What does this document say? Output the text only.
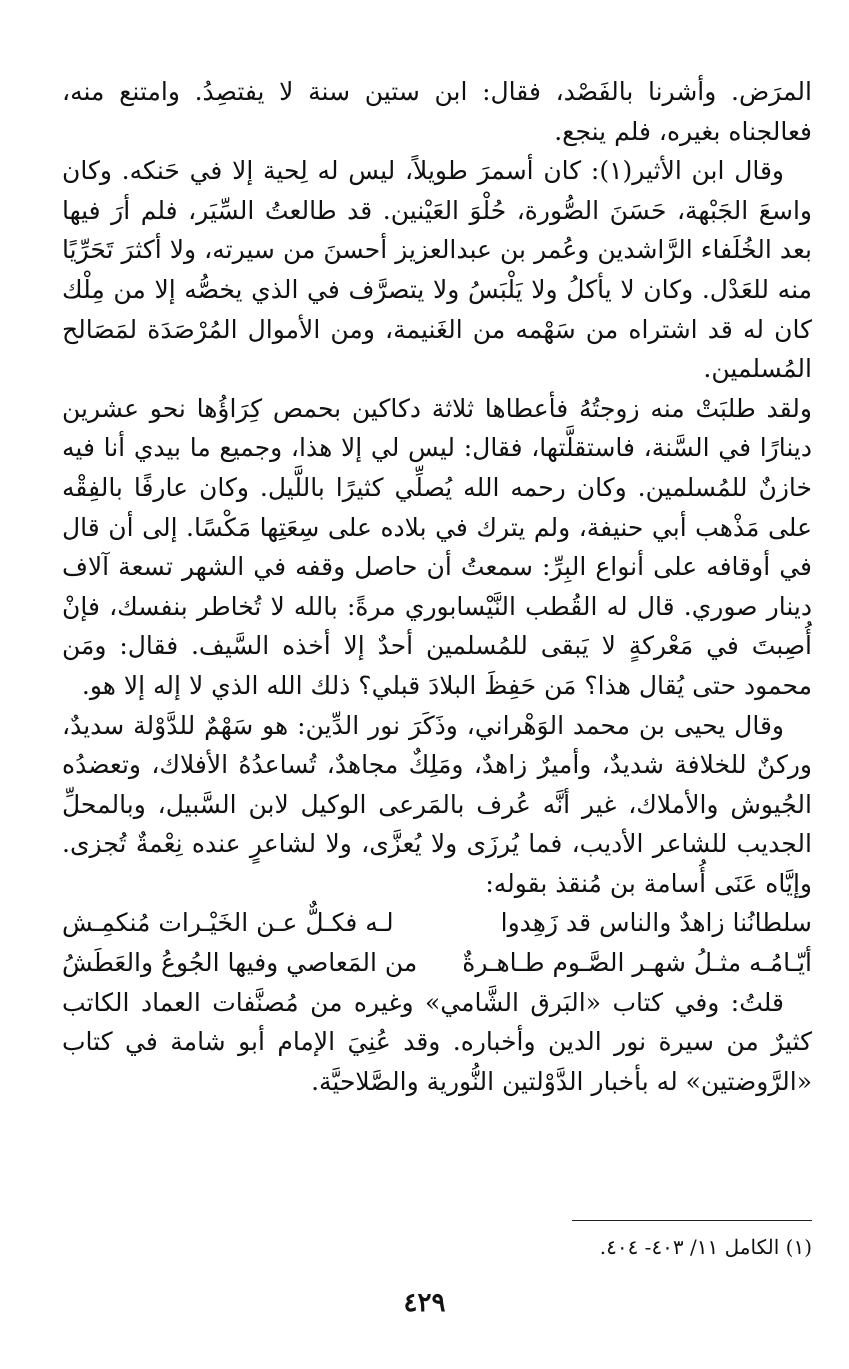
المرَض. وأشرنا بالفَصْد، فقال: ابن ستين سنة لا يفتصِدُ. وامتنع منه، فعالجناه بغيره، فلم ينجع.

وقال ابن الأثير(١): كان أسمرَ طويلاً، ليس له لِحية إلا في حَنكه. وكان واسعَ الجَبْهة، حَسَنَ الصُّورة، حُلْوَ العَيْنين. قد طالعتُ السِّيَر، فلم أرَ فيها بعد الخُلَفاء الرَّاشدين وعُمر بن عبدالعزيز أحسنَ من سيرته، ولا أكثرَ تَحَرِّيًا منه للعَدْل. وكان لا يأكلُ ولا يَلْبَسُ ولا يتصرَّف في الذي يخصُّه إلا من مِلْك كان له قد اشتراه من سَهْمه من الغَنيمة، ومن الأموال المُرْصَدَة لمَصَالح المُسلمين.

ولقد طلبَتْ منه زوجتُهُ فأعطاها ثلاثة دكاكين بحمص كِرَاؤُها نحو عشرين دينارًا في السَّنة، فاستقلَّتها، فقال: ليس لي إلا هذا، وجميع ما بيدي أنا فيه خازنٌ للمُسلمين. وكان رحمه الله يُصلِّي كثيرًا باللَّيل. وكان عارفًا بالفِقْه على مَذْهب أبي حنيفة، ولم يترك في بلاده على سِعَتِها مَكْسًا. إلى أن قال في أوقافه على أنواع البِرِّ: سمعتُ أن حاصل وقفه في الشهر تسعة آلاف دينار صوري. قال له القُطب النَّيْسابوري مرةً: بالله لا تُخاطر بنفسك، فإنْ أُصِبتَ في مَعْركةٍ لا يَبقى للمُسلمين أحدٌ إلا أخذه السَّيف. فقال: ومَن محمود حتى يُقال هذا؟ مَن حَفِظَ البلادَ قبلي؟ ذلك الله الذي لا إله إلا هو.

وقال يحيى بن محمد الوَهْراني، وذَكَرَ نور الدِّين: هو سَهْمٌ للدَّوْلة سديدٌ، وركنٌ للخلافة شديدٌ، وأميرٌ زاهدٌ، ومَلِكٌ مجاهدٌ، تُساعدُهُ الأفلاك، وتعضدُه الجُيوش والأملاك، غير أنَّه عُرف بالمَرعى الوكيل لابن السَّبيل، وبالمحلِّ الجديب للشاعر الأديب، فما يُرزَى ولا يُعزَّى، ولا لشاعرٍ عنده نِعْمةٌ تُجزى. وإيَّاه عَنَى أُسامة بن مُنقذ بقوله:

سلطانُنا زاهدٌ والناس قد زَهِدوا
لـه فكـلٌّ عـن الخَيْـرات مُنكمِـش
أيّـامُـه مثـلُ شهـر الصَّـوم طـاهـرةٌ
من المَعاصي وفيها الجُوعُ والعَطَشُ

قلتُ: وفي كتاب «البَرق الشَّامي» وغيره من مُصنَّفات العماد الكاتب كثيرٌ من سيرة نور الدين وأخباره. وقد عُنِيَ الإمام أبو شامة في كتاب «الرَّوضتين» له بأخبار الدَّوْلتين النُّورية والصَّلاحيَّة.

(١) الكامل ١١/ ٤٠٣- ٤٠٤.

٤٢٩
